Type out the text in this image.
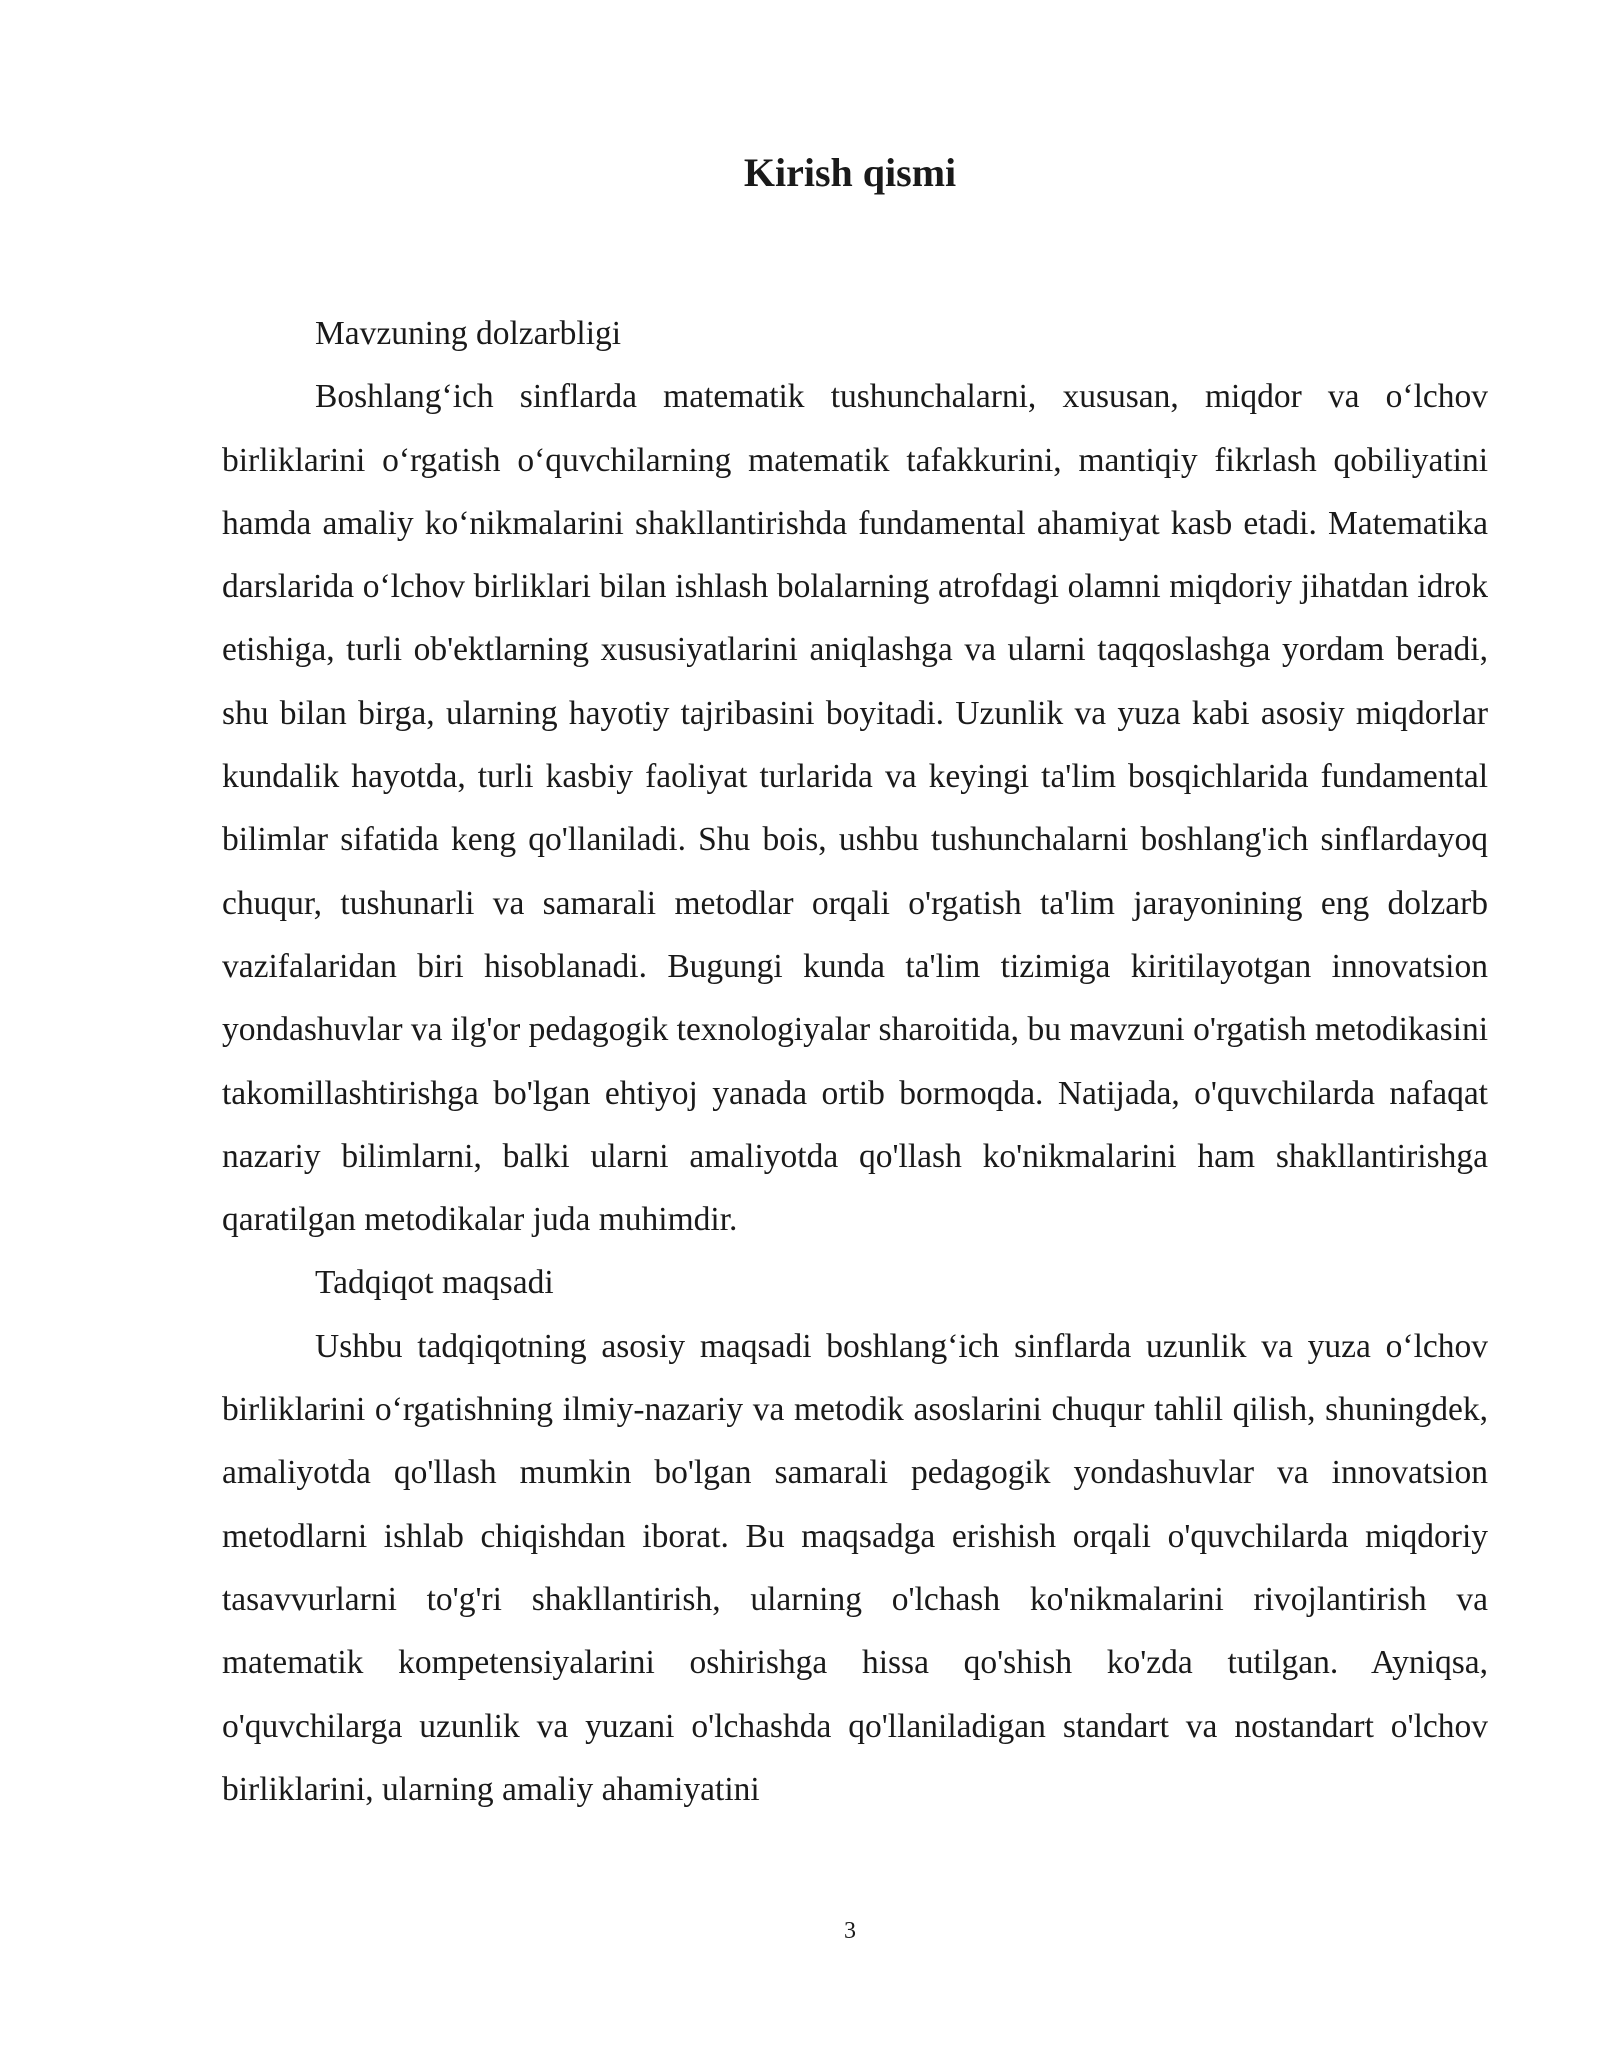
Kirish qismi

Mavzuning dolzarbligi

Boshlang‘ich sinflarda matematik tushunchalarni, xususan, miqdor va o‘lchov birliklarini o‘rgatish o‘quvchilarning matematik tafakkurini, mantiqiy fikrlash qobiliyatini hamda amaliy ko‘nikmalarini shakllantirishda fundamental ahamiyat kasb etadi. Matematika darslarida o‘lchov birliklari bilan ishlash bolalarning atrofdagi olamni miqdoriy jihatdan idrok etishiga, turli ob'ektlarning xususiyatlarini aniqlashga va ularni taqqoslashga yordam beradi, shu bilan birga, ularning hayotiy tajribasini boyitadi. Uzunlik va yuza kabi asosiy miqdorlar kundalik hayotda, turli kasbiy faoliyat turlarida va keyingi ta'lim bosqichlarida fundamental bilimlar sifatida keng qo'llaniladi. Shu bois, ushbu tushunchalarni boshlang'ich sinflardayoq chuqur, tushunarli va samarali metodlar orqali o'rgatish ta'lim jarayonining eng dolzarb vazifalaridan biri hisoblanadi. Bugungi kunda ta'lim tizimiga kiritilayotgan innovatsion yondashuvlar va ilg'or pedagogik texnologiyalar sharoitida, bu mavzuni o'rgatish metodikasini takomillashtirishga bo'lgan ehtiyoj yanada ortib bormoqda. Natijada, o'quvchilarda nafaqat nazariy bilimlarni, balki ularni amaliyotda qo'llash ko'nikmalarini ham shakllantirishga qaratilgan metodikalar juda muhimdir.

Tadqiqot maqsadi

Ushbu tadqiqotning asosiy maqsadi boshlang‘ich sinflarda uzunlik va yuza o‘lchov birliklarini o‘rgatishning ilmiy-nazariy va metodik asoslarini chuqur tahlil qilish, shuningdek, amaliyotda qo'llash mumkin bo'lgan samarali pedagogik yondashuvlar va innovatsion metodlarni ishlab chiqishdan iborat. Bu maqsadga erishish orqali o'quvchilarda miqdoriy tasavvurlarni to'g'ri shakllantirish, ularning o'lchash ko'nikmalarini rivojlantirish va matematik kompetensiyalarini oshirishga hissa qo'shish ko'zda tutilgan. Ayniqsa, o'quvchilarga uzunlik va yuzani o'lchashda qo'llaniladigan standart va nostandart o'lchov birliklarini, ularning amaliy ahamiyatini

3
